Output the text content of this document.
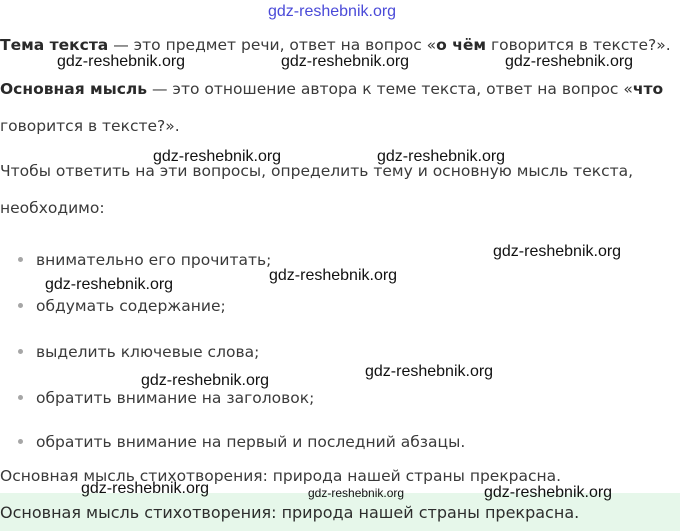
gdz-reshebnik.org
Тема текста — это предмет речи, ответ на вопрос «о чём говорится в тексте?».
Основная мысль — это отношение автора к теме текста, ответ на вопрос «что
говорится в тексте?».
Чтобы ответить на эти вопросы, определить тему и основную мысль текста,
необходимо:
внимательно его прочитать;
обдумать содержание;
выделить ключевые слова;
обратить внимание на заголовок;
обратить внимание на первый и последний абзацы.
Основная мысль стихотворения: природа нашей страны прекрасна.
Основная мысль стихотворения: природа нашей страны прекрасна.
gdz-reshebnik.org	gdz-reshebnik.org	gdz-reshebnik.org
gdz-reshebnik.org	gdz-reshebnik.org
gdz-reshebnik.org
gdz-reshebnik.org
gdz-reshebnik.org
gdz-reshebnik.org
gdz-reshebnik.org
gdz-reshebnik.org	gdz-reshebnik.org	gdz-reshebnik.org
